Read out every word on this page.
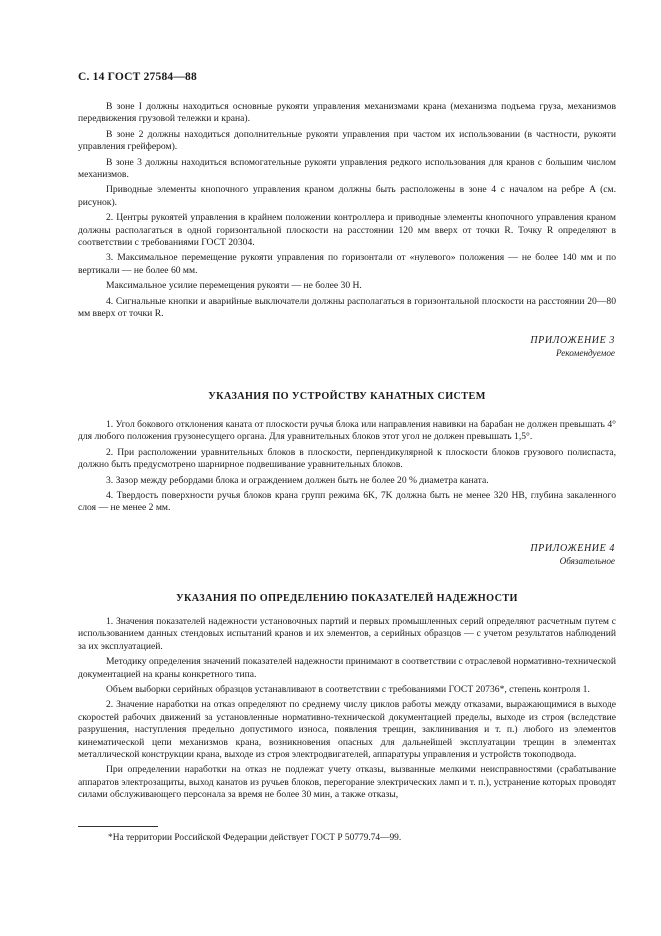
С. 14 ГОСТ 27584—88

В зоне I должны находиться основные рукояти управления механизмами крана (механизма подъема груза, механизмов передвижения грузовой тележки и крана).

В зоне 2 должны находиться дополнительные рукояти управления при частом их использовании (в частности, рукояти управления грейфером).

В зоне 3 должны находиться вспомогательные рукояти управления редкого использования для кранов с большим числом механизмов.

Приводные элементы кнопочного управления краном должны быть расположены в зоне 4 с началом на ребре A (см. рисунок).

2. Центры рукоятей управления в крайнем положении контроллера и приводные элементы кнопочного управления краном должны располагаться в одной горизонтальной плоскости на расстоянии 120 мм вверх от точки R. Точку R определяют в соответствии с требованиями ГОСТ 20304.

3. Максимальное перемещение рукояти управления по горизонтали от «нулевого» положения — не более 140 мм и по вертикали — не более 60 мм.

Максимальное усилие перемещения рукояти — не более 30 Н.

4. Сигнальные кнопки и аварийные выключатели должны располагаться в горизонтальной плоскости на расстоянии 20—80 мм вверх от точки R.

ПРИЛОЖЕНИЕ 3
Рекомендуемое
УКАЗАНИЯ ПО УСТРОЙСТВУ КАНАТНЫХ СИСТЕМ

1. Угол бокового отклонения каната от плоскости ручья блока или направления навивки на барабан не должен превышать 4° для любого положения грузонесущего органа. Для уравнительных блоков этот угол не должен превышать 1,5°.

2. При расположении уравнительных блоков в плоскости, перпендикулярной к плоскости блоков грузового полиспаста, должно быть предусмотрено шарнирное подвешивание уравнительных блоков.

3. Зазор между ребордами блока и ограждением должен быть не более 20 % диаметра каната.

4. Твердость поверхности ручья блоков крана групп режима 6K, 7K должна быть не менее 320 HB, глубина закаленного слоя — не менее 2 мм.

ПРИЛОЖЕНИЕ 4
Обязательное
УКАЗАНИЯ ПО ОПРЕДЕЛЕНИЮ ПОКАЗАТЕЛЕЙ НАДЕЖНОСТИ

1. Значения показателей надежности установочных партий и первых промышленных серий определяют расчетным путем с использованием данных стендовых испытаний кранов и их элементов, а серийных образцов — с учетом результатов наблюдений за их эксплуатацией.

Методику определения значений показателей надежности принимают в соответствии с отраслевой нормативно-технической документацией на краны конкретного типа.

Объем выборки серийных образцов устанавливают в соответствии с требованиями ГОСТ 20736*, степень контроля 1.

2. Значение наработки на отказ определяют по среднему числу циклов работы между отказами, выражающимися в выходе скоростей рабочих движений за установленные нормативно-технической документацией пределы, выходе из строя (вследствие разрушения, наступления предельно допустимого износа, появления трещин, заклинивания и т. п.) любого из элементов кинематической цепи механизмов крана, возникновения опасных для дальнейшей эксплуатации трещин в элементах металлической конструкции крана, выходе из строя электродвигателей, аппаратуры управления и устройств токоподвода.

При определении наработки на отказ не подлежат учету отказы, вызванные мелкими неисправностями (срабатывание аппаратов электрозащиты, выход канатов из ручьев блоков, перегорание электрических ламп и т. п.), устранение которых проводят силами обслуживающего персонала за время не более 30 мин, а также отказы,

*На территории Российской Федерации действует ГОСТ Р 50779.74—99.
